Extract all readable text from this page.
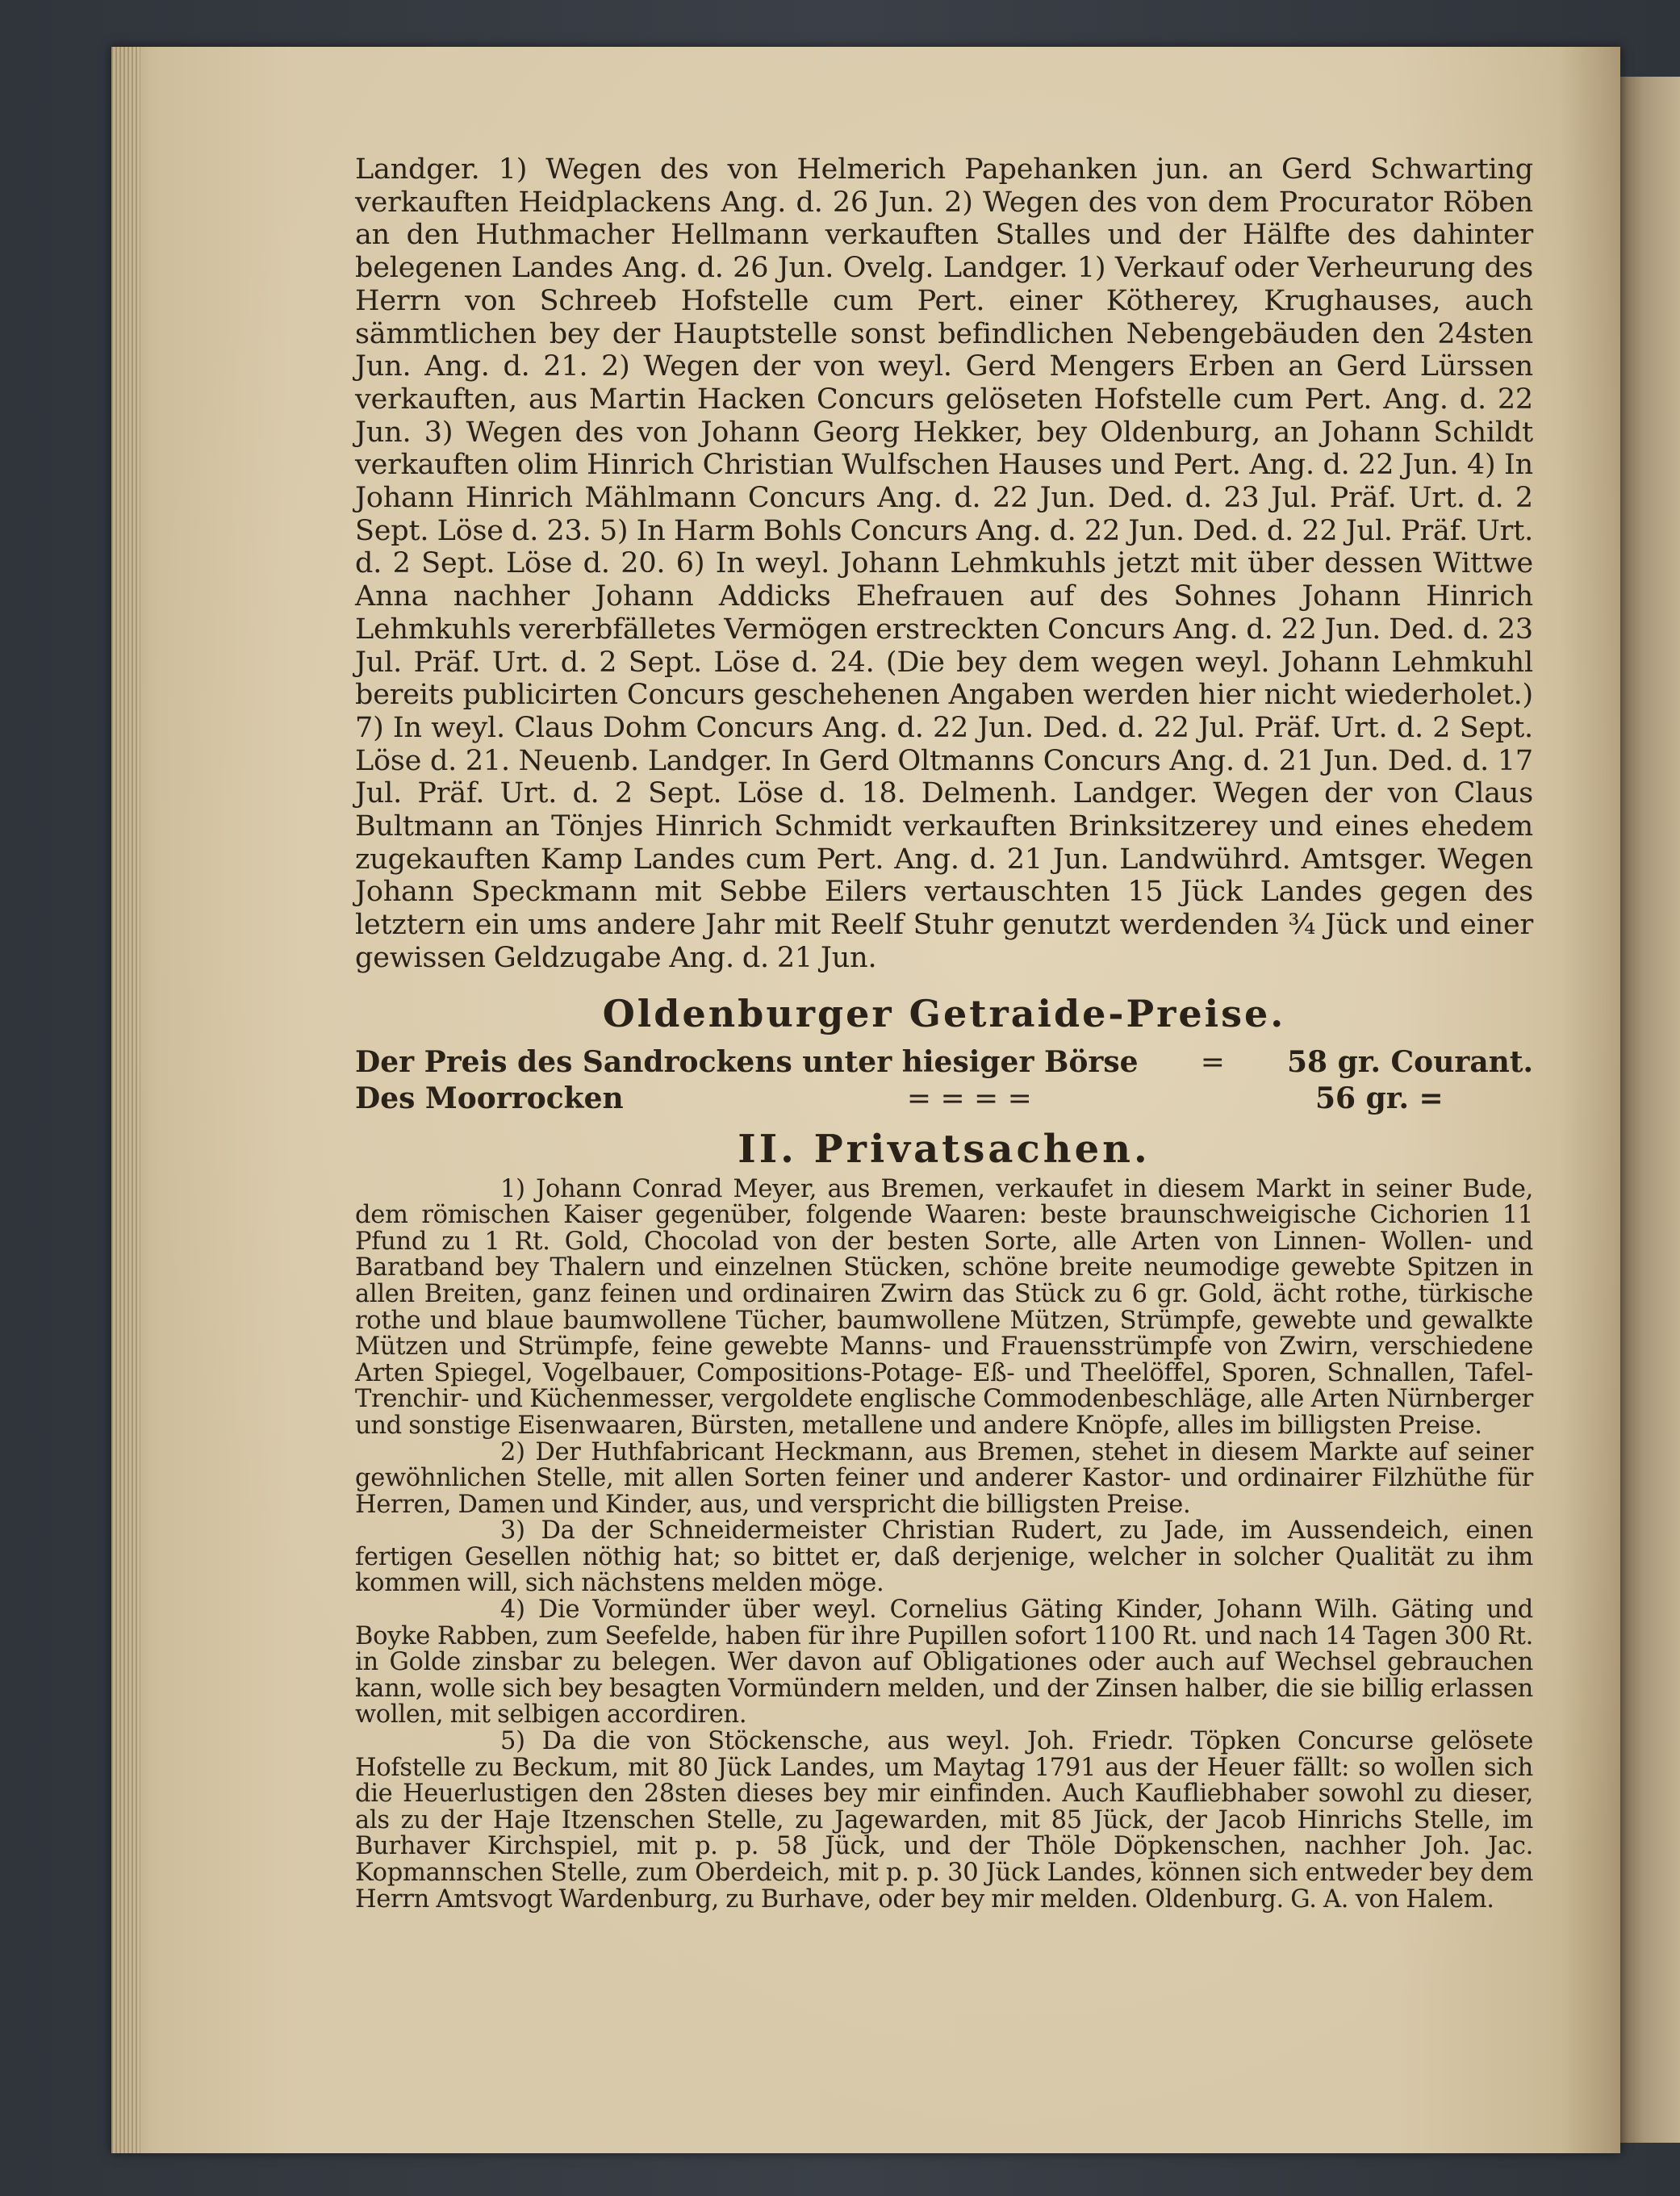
Landger. 1) Wegen des von Helmerich Papehanken jun. an Gerd Schwarting verkauften Heidplackens Ang. d. 26 Jun. 2) Wegen des von dem Procurator Röben an den Huthmacher Hellmann verkauften Stalles und der Hälfte des dahinter belegenen Landes Ang. d. 26 Jun. Ovelg. Landger. 1) Verkauf oder Verheurung des Herrn von Schreeb Hofstelle cum Pert. einer Kötherey, Krughauses, auch sämmtlichen bey der Hauptstelle sonst befindlichen Nebengebäuden den 24sten Jun. Ang. d. 21. 2) Wegen der von weyl. Gerd Mengers Erben an Gerd Lürssen verkauften, aus Martin Hacken Concurs gelöseten Hofstelle cum Pert. Ang. d. 22 Jun. 3) Wegen des von Johann Georg Hekker, bey Oldenburg, an Johann Schildt verkauften olim Hinrich Christian Wulfschen Hauses und Pert. Ang. d. 22 Jun. 4) In Johann Hinrich Mählmann Concurs Ang. d. 22 Jun. Ded. d. 23 Jul. Präf. Urt. d. 2 Sept. Löse d. 23. 5) In Harm Bohls Concurs Ang. d. 22 Jun. Ded. d. 22 Jul. Präf. Urt. d. 2 Sept. Löse d. 20. 6) In weyl. Johann Lehmkuhls jetzt mit über dessen Wittwe Anna nachher Johann Addicks Ehefrauen auf des Sohnes Johann Hinrich Lehmkuhls vererbfälletes Vermögen erstreckten Concurs Ang. d. 22 Jun. Ded. d. 23 Jul. Präf. Urt. d. 2 Sept. Löse d. 24. (Die bey dem wegen weyl. Johann Lehmkuhl bereits publicirten Concurs geschehenen Angaben werden hier nicht wiederholet.) 7) In weyl. Claus Dohm Concurs Ang. d. 22 Jun. Ded. d. 22 Jul. Präf. Urt. d. 2 Sept. Löse d. 21. Neuenb. Landger. In Gerd Oltmanns Concurs Ang. d. 21 Jun. Ded. d. 17 Jul. Präf. Urt. d. 2 Sept. Löse d. 18. Delmenh. Landger. Wegen der von Claus Bultmann an Tönjes Hinrich Schmidt verkauften Brinksitzerey und eines ehedem zugekauften Kamp Landes cum Pert. Ang. d. 21 Jun. Landwührd. Amtsger. Wegen Johann Speckmann mit Sebbe Eilers vertauschten 15 Jück Landes gegen des letztern ein ums andere Jahr mit Reelf Stuhr genutzt werdenden ¾ Jück und einer gewissen Geldzugabe Ang. d. 21 Jun.

Oldenburger Getraide-Preise.
Der Preis des Sandrockens unter hiesiger Börse	=	58 gr. Courant.
Des Moorrocken	= = = =	56 gr. =
II. Privatsachen.

1) Johann Conrad Meyer, aus Bremen, verkaufet in diesem Markt in seiner Bude, dem römischen Kaiser gegenüber, folgende Waaren: beste braunschweigische Cichorien 11 Pfund zu 1 Rt. Gold, Chocolad von der besten Sorte, alle Arten von Linnen- Wollen- und Baratband bey Thalern und einzelnen Stücken, schöne breite neumodige gewebte Spitzen in allen Breiten, ganz feinen und ordinairen Zwirn das Stück zu 6 gr. Gold, ächt rothe, türkische rothe und blaue baumwollene Tücher, baumwollene Mützen, Strümpfe, gewebte und gewalkte Mützen und Strümpfe, feine gewebte Manns- und Frauensstrümpfe von Zwirn, verschiedene Arten Spiegel, Vogelbauer, Compositions-Potage- Eß- und Theelöffel, Sporen, Schnallen, Tafel- Trenchir- und Küchenmesser, vergoldete englische Commodenbeschläge, alle Arten Nürnberger und sonstige Eisenwaaren, Bürsten, metallene und andere Knöpfe, alles im billigsten Preise.

2) Der Huthfabricant Heckmann, aus Bremen, stehet in diesem Markte auf seiner gewöhnlichen Stelle, mit allen Sorten feiner und anderer Kastor- und ordinairer Filzhüthe für Herren, Damen und Kinder, aus, und verspricht die billigsten Preise.

3) Da der Schneidermeister Christian Rudert, zu Jade, im Aussendeich, einen fertigen Gesellen nöthig hat; so bittet er, daß derjenige, welcher in solcher Qualität zu ihm kommen will, sich nächstens melden möge.

4) Die Vormünder über weyl. Cornelius Gäting Kinder, Johann Wilh. Gäting und Boyke Rabben, zum Seefelde, haben für ihre Pupillen sofort 1100 Rt. und nach 14 Tagen 300 Rt. in Golde zinsbar zu belegen. Wer davon auf Obligationes oder auch auf Wechsel gebrauchen kann, wolle sich bey besagten Vormündern melden, und der Zinsen halber, die sie billig erlassen wollen, mit selbigen accordiren.

5) Da die von Stöckensche, aus weyl. Joh. Friedr. Töpken Concurse gelösete Hofstelle zu Beckum, mit 80 Jück Landes, um Maytag 1791 aus der Heuer fällt: so wollen sich die Heuerlustigen den 28sten dieses bey mir einfinden. Auch Kaufliebhaber sowohl zu dieser, als zu der Haje Itzenschen Stelle, zu Jagewarden, mit 85 Jück, der Jacob Hinrichs Stelle, im Burhaver Kirchspiel, mit p. p. 58 Jück, und der Thöle Döpkenschen, nachher Joh. Jac. Kopmannschen Stelle, zum Oberdeich, mit p. p. 30 Jück Landes, können sich entweder bey dem Herrn Amtsvogt Wardenburg, zu Burhave, oder bey mir melden. Oldenburg. G. A. von Halem.
